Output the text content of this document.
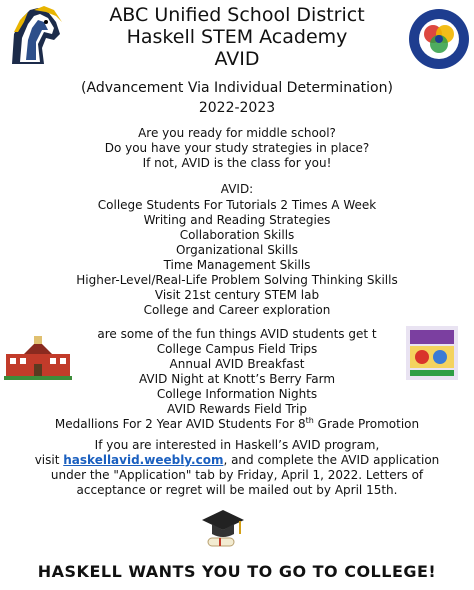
ABC Unified School District
Haskell STEM Academy
AVID
(Advancement Via Individual Determination)
2022-2023
Are you ready for middle school?
Do you have your study strategies in place?
If not, AVID is the class for you!
AVID:
College Students For Tutorials 2 Times A Week
Writing and Reading Strategies
Collaboration Skills
Organizational Skills
Time Management Skills
Higher-Level/Real-Life Problem Solving Thinking Skills
Visit 21st century STEM lab
College and Career exploration
are some of the fun things AVID students get t
College Campus Field Trips
Annual AVID Breakfast
AVID Night at Knott’s Berry Farm
College Information Nights
AVID Rewards Field Trip
Medallions For 2 Year AVID Students For 8th Grade Promotion
If you are interested in Haskell’s AVID program,
visit haskellavid.weebly.com, and complete the AVID application
under the "Application" tab by Friday, April 1, 2022. Letters of
acceptance or regret will be mailed out by April 15th.
HASKELL WANTS YOU TO GO TO COLLEGE!
